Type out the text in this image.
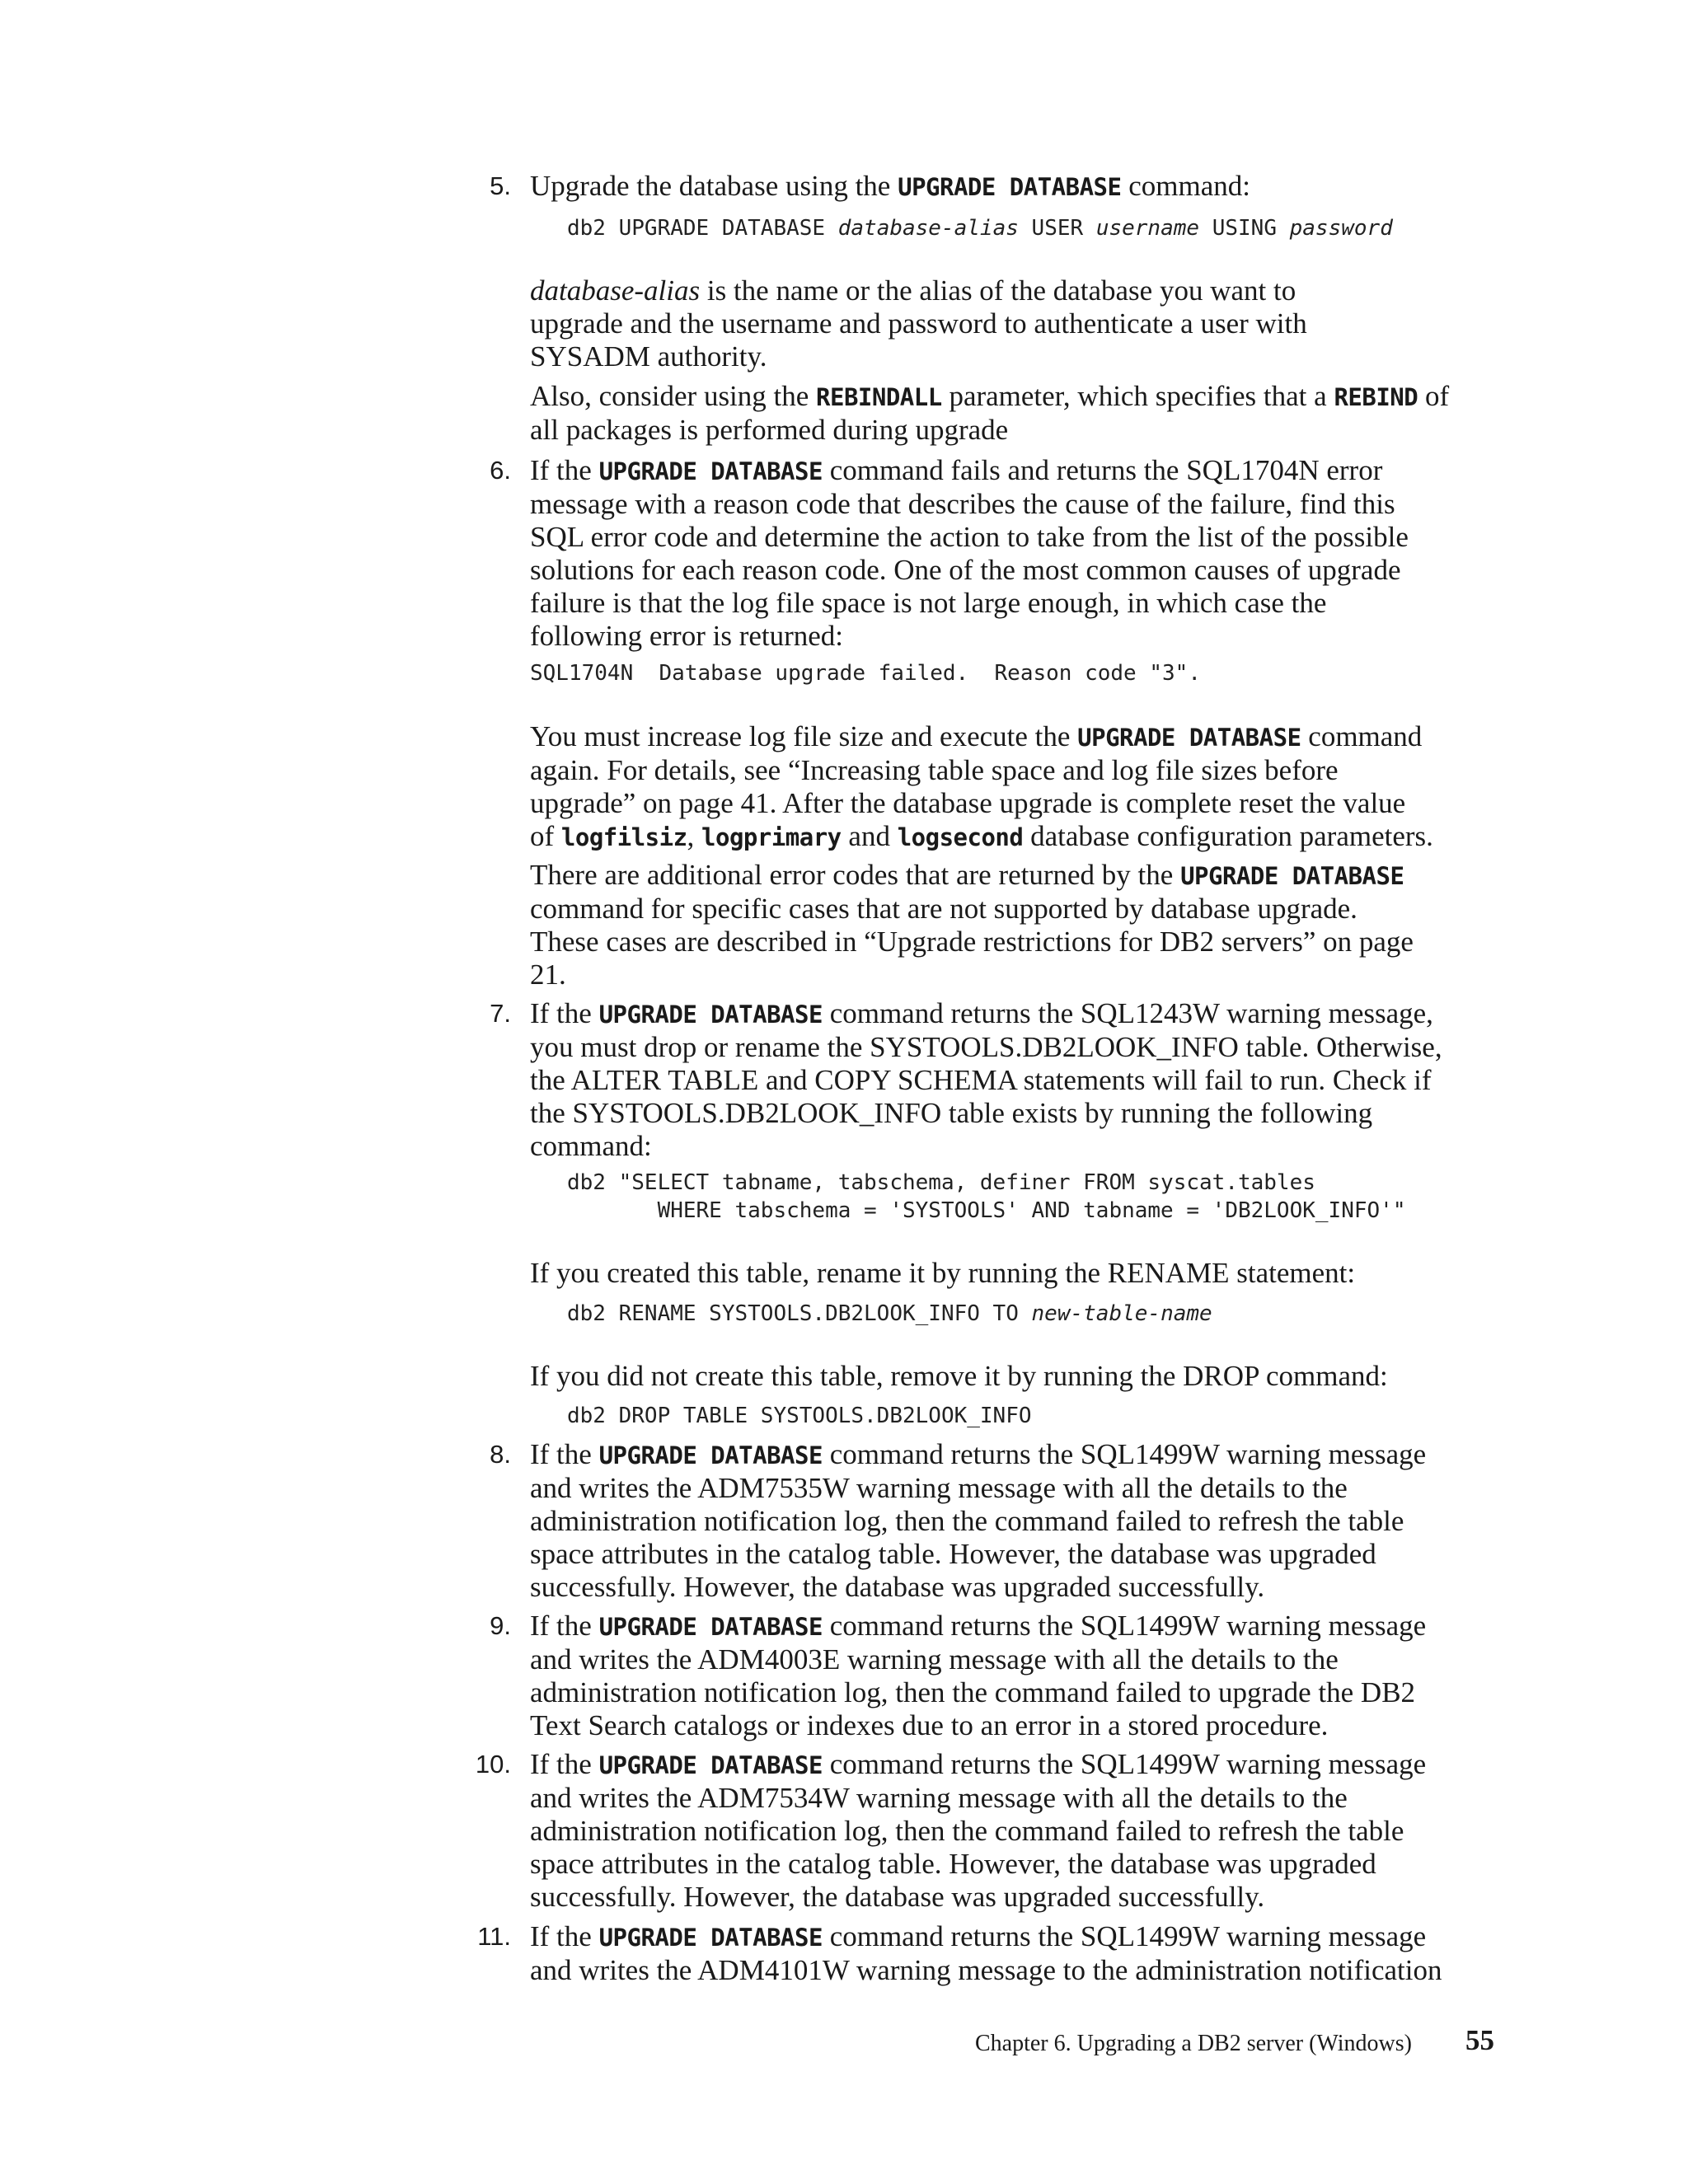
5. Upgrade the database using the UPGRADE DATABASE command:
db2 UPGRADE DATABASE database-alias USER username USING password
database-alias is the name or the alias of the database you want to
upgrade and the username and password to authenticate a user with
SYSADM authority.
Also, consider using the REBINDALL parameter, which specifies that a REBIND of
all packages is performed during upgrade
6. If the UPGRADE DATABASE command fails and returns the SQL1704N error
message with a reason code that describes the cause of the failure, find this
SQL error code and determine the action to take from the list of the possible
solutions for each reason code. One of the most common causes of upgrade
failure is that the log file space is not large enough, in which case the
following error is returned:
SQL1704N  Database upgrade failed.  Reason code "3".
You must increase log file size and execute the UPGRADE DATABASE command
again. For details, see “Increasing table space and log file sizes before
upgrade” on page 41. After the database upgrade is complete reset the value
of logfilsiz, logprimary and logsecond database configuration parameters.
There are additional error codes that are returned by the UPGRADE DATABASE
command for specific cases that are not supported by database upgrade.
These cases are described in “Upgrade restrictions for DB2 servers” on page
21.
7. If the UPGRADE DATABASE command returns the SQL1243W warning message,
you must drop or rename the SYSTOOLS.DB2LOOK_INFO table. Otherwise,
the ALTER TABLE and COPY SCHEMA statements will fail to run. Check if
the SYSTOOLS.DB2LOOK_INFO table exists by running the following
command:
db2 "SELECT tabname, tabschema, definer FROM syscat.tables
WHERE tabschema = 'SYSTOOLS' AND tabname = 'DB2LOOK_INFO'"
If you created this table, rename it by running the RENAME statement:
db2 RENAME SYSTOOLS.DB2LOOK_INFO TO new-table-name
If you did not create this table, remove it by running the DROP command:
db2 DROP TABLE SYSTOOLS.DB2LOOK_INFO
8. If the UPGRADE DATABASE command returns the SQL1499W warning message
and writes the ADM7535W warning message with all the details to the
administration notification log, then the command failed to refresh the table
space attributes in the catalog table. However, the database was upgraded
successfully. However, the database was upgraded successfully.
9. If the UPGRADE DATABASE command returns the SQL1499W warning message
and writes the ADM4003E warning message with all the details to the
administration notification log, then the command failed to upgrade the DB2
Text Search catalogs or indexes due to an error in a stored procedure.
10. If the UPGRADE DATABASE command returns the SQL1499W warning message
and writes the ADM7534W warning message with all the details to the
administration notification log, then the command failed to refresh the table
space attributes in the catalog table. However, the database was upgraded
successfully. However, the database was upgraded successfully.
11. If the UPGRADE DATABASE command returns the SQL1499W warning message
and writes the ADM4101W warning message to the administration notification
Chapter 6. Upgrading a DB2 server (Windows) 55
